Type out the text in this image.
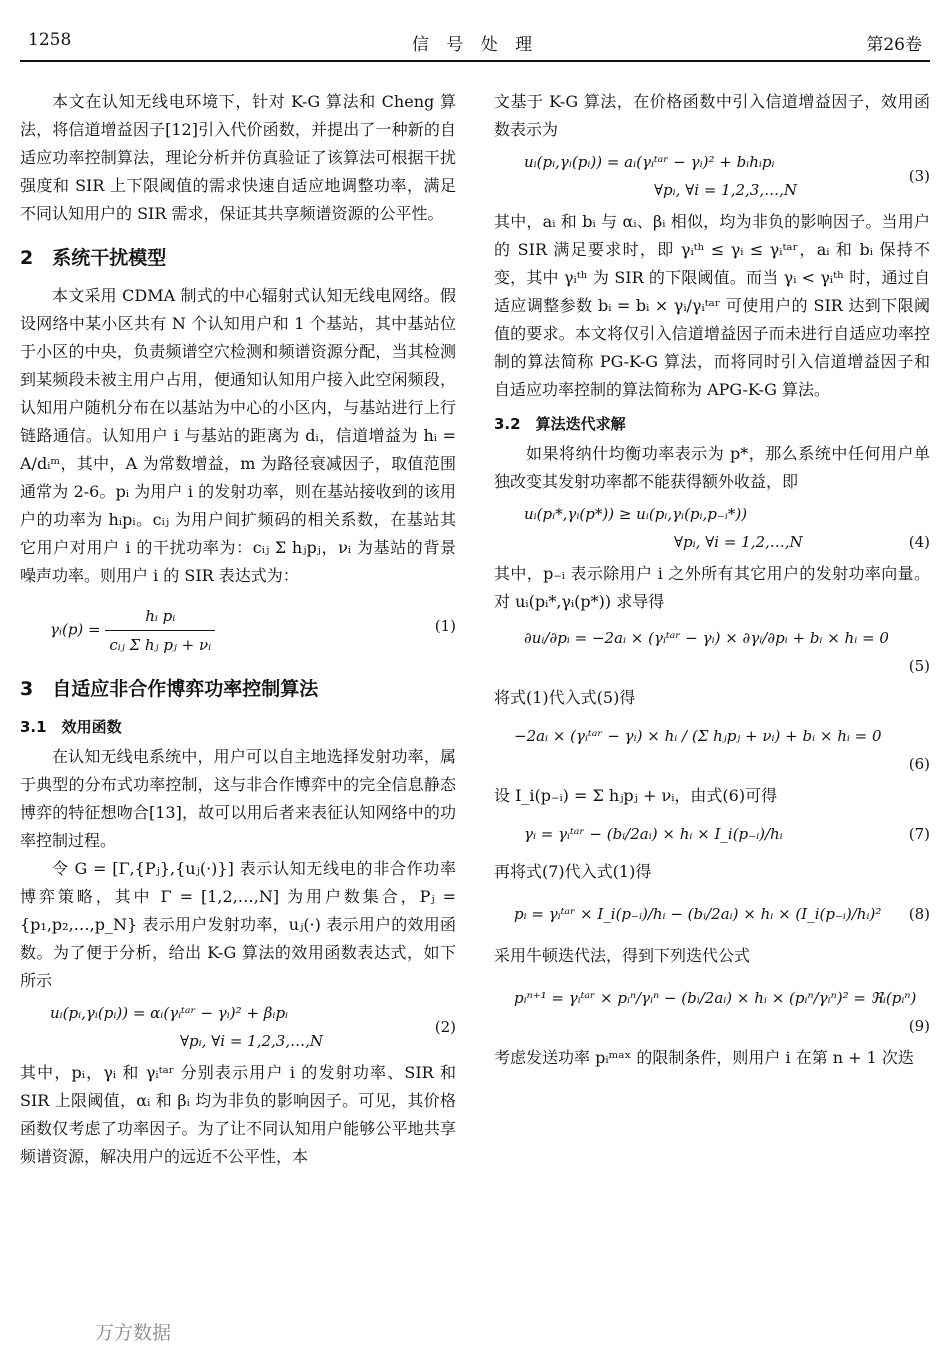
1258	信 号 处 理	第26卷

本文在认知无线电环境下，针对 K-G 算法和 Cheng 算法，将信道增益因子[12]引入代价函数，并提出了一种新的自适应功率控制算法，理论分析并仿真验证了该算法可根据干扰强度和 SIR 上下限阈值的需求快速自适应地调整功率，满足不同认知用户的 SIR 需求，保证其共享频谱资源的公平性。

2　系统干扰模型

本文采用 CDMA 制式的中心辐射式认知无线电网络。假设网络中某小区共有 N 个认知用户和 1 个基站，其中基站位于小区的中央，负责频谱空穴检测和频谱资源分配，当其检测到某频段未被主用户占用，便通知认知用户接入此空闲频段，认知用户随机分布在以基站为中心的小区内，与基站进行上行链路通信。认知用户 i 与基站的距离为 dᵢ，信道增益为 hᵢ = A/dᵢᵐ，其中，A 为常数增益，m 为路径衰减因子，取值范围通常为 2-6。pᵢ 为用户 i 的发射功率，则在基站接收到的该用户的功率为 hᵢpᵢ。cᵢⱼ 为用户间扩频码的相关系数，在基站其它用户对用户 i 的干扰功率为：cᵢⱼ Σ hⱼpⱼ，νᵢ 为基站的背景噪声功率。则用户 i 的 SIR 表达式为：

γᵢ(p) = $\frac{\text{hᵢ pᵢ}}{\text{cᵢⱼ Σ hⱼ pⱼ + νᵢ}}$	(1)
3　自适应非合作博弈功率控制算法
3.1　效用函数

在认知无线电系统中，用户可以自主地选择发射功率，属于典型的分布式功率控制，这与非合作博弈中的完全信息静态博弈的特征想吻合[13]，故可以用后者来表征认知网络中的功率控制过程。

令 G = [Γ,{Pⱼ},{uⱼ(·)}] 表示认知无线电的非合作功率博弈策略，其中 Γ = [1,2,…,N] 为用户数集合，Pⱼ = {p₁,p₂,…,p_N} 表示用户发射功率，uⱼ(·) 表示用户的效用函数。为了便于分析，给出 K-G 算法的效用函数表达式，如下所示

uᵢ(pᵢ,γᵢ(pᵢ)) = αᵢ(γᵢᵗᵃʳ − γᵢ)² + βᵢpᵢ
∀pᵢ, ∀i = 1,2,3,…,N
(2)

其中，pᵢ，γᵢ 和 γᵢᵗᵃʳ 分别表示用户 i 的发射功率、SIR 和 SIR 上限阈值，αᵢ 和 βᵢ 均为非负的影响因子。可见，其价格函数仅考虑了功率因子。为了让不同认知用户能够公平地共享频谱资源，解决用户的远近不公平性，本

文基于 K-G 算法，在价格函数中引入信道增益因子，效用函数表示为

uᵢ(pᵢ,γᵢ(pᵢ)) = aᵢ(γᵢᵗᵃʳ − γᵢ)² + bᵢhᵢpᵢ
∀pᵢ, ∀i = 1,2,3,…,N
(3)

其中，aᵢ 和 bᵢ 与 αᵢ、βᵢ 相似，均为非负的影响因子。当用户的 SIR 满足要求时，即 γᵢᵗʰ ≤ γᵢ ≤ γᵢᵗᵃʳ，aᵢ 和 bᵢ 保持不变，其中 γᵢᵗʰ 为 SIR 的下限阈值。而当 γᵢ < γᵢᵗʰ 时，通过自适应调整参数 bᵢ = bᵢ × γᵢ/γᵢᵗᵃʳ 可使用户的 SIR 达到下限阈值的要求。本文将仅引入信道增益因子而未进行自适应功率控制的算法简称 PG-K-G 算法，而将同时引入信道增益因子和自适应功率控制的算法简称为 APG-K-G 算法。

3.2　算法迭代求解

如果将纳什均衡功率表示为 p*，那么系统中任何用户单独改变其发射功率都不能获得额外收益，即

uᵢ(pᵢ*,γᵢ(p*)) ≥ uᵢ(pᵢ,γᵢ(pᵢ,p₋ᵢ*))
∀pᵢ, ∀i = 1,2,…,N	(4)

其中，p₋ᵢ 表示除用户 i 之外所有其它用户的发射功率向量。对 uᵢ(pᵢ*,γᵢ(p*)) 求导得

∂uᵢ/∂pᵢ = −2aᵢ × (γᵢᵗᵃʳ − γᵢ) × ∂γᵢ/∂pᵢ + bᵢ × hᵢ = 0
(5)

将式(1)代入式(5)得

−2aᵢ × (γᵢᵗᵃʳ − γᵢ) × hᵢ / (Σ hⱼpⱼ + νᵢ) + bᵢ × hᵢ = 0
(6)

设 I_i(p₋ᵢ) = Σ hⱼpⱼ + νᵢ，由式(6)可得

γᵢ = γᵢᵗᵃʳ − (bᵢ/2aᵢ) × hᵢ × I_i(p₋ᵢ)/hᵢ	(7)

再将式(7)代入式(1)得

pᵢ = γᵢᵗᵃʳ × I_i(p₋ᵢ)/hᵢ − (bᵢ/2aᵢ) × hᵢ × (I_i(p₋ᵢ)/hᵢ)²	(8)

采用牛顿迭代法，得到下列迭代公式

pᵢⁿ⁺¹ = γᵢᵗᵃʳ × pᵢⁿ/γᵢⁿ − (bᵢ/2aᵢ) × hᵢ × (pᵢⁿ/γᵢⁿ)² = ℜᵢ(pᵢⁿ)
(9)

考虑发送功率 pᵢᵐᵃˣ 的限制条件，则用户 i 在第 n + 1 次迭

万方数据
